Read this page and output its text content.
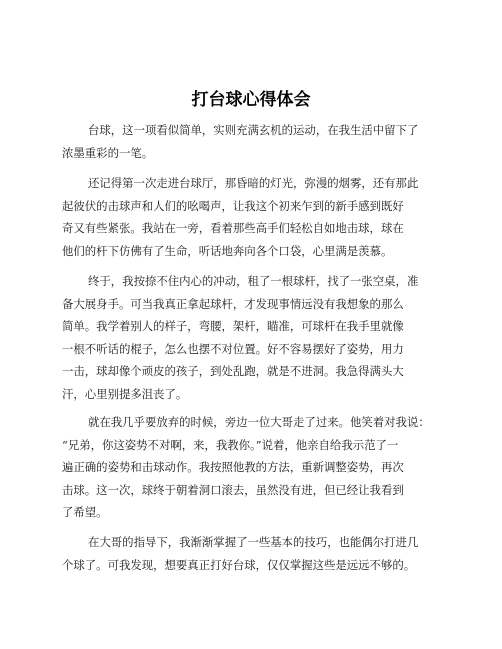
打台球心得体会

台球，这一项看似简单，实则充满玄机的运动，在我生活中留下了
浓墨重彩的一笔。

还记得第一次走进台球厅，那昏暗的灯光，弥漫的烟雾，还有那此
起彼伏的击球声和人们的吆喝声，让我这个初来乍到的新手感到既好
奇又有些紧张。我站在一旁，看着那些高手们轻松自如地击球，球在
他们的杆下仿佛有了生命，听话地奔向各个口袋，心里满是羡慕。

终于，我按捺不住内心的冲动，租了一根球杆，找了一张空桌，准
备大展身手。可当我真正拿起球杆，才发现事情远没有我想象的那么
简单。我学着别人的样子，弯腰，架杆，瞄准，可球杆在我手里就像
一根不听话的棍子，怎么也摆不对位置。好不容易摆好了姿势，用力
一击，球却像个顽皮的孩子，到处乱跑，就是不进洞。我急得满头大
汗，心里别提多沮丧了。

就在我几乎要放弃的时候，旁边一位大哥走了过来。他笑着对我说：
“兄弟，你这姿势不对啊，来，我教你。”说着，他亲自给我示范了一
遍正确的姿势和击球动作。我按照他教的方法，重新调整姿势，再次
击球。这一次，球终于朝着洞口滚去，虽然没有进，但已经让我看到
了希望。

在大哥的指导下，我渐渐掌握了一些基本的技巧，也能偶尔打进几
个球了。可我发现，想要真正打好台球，仅仅掌握这些是远远不够的。
